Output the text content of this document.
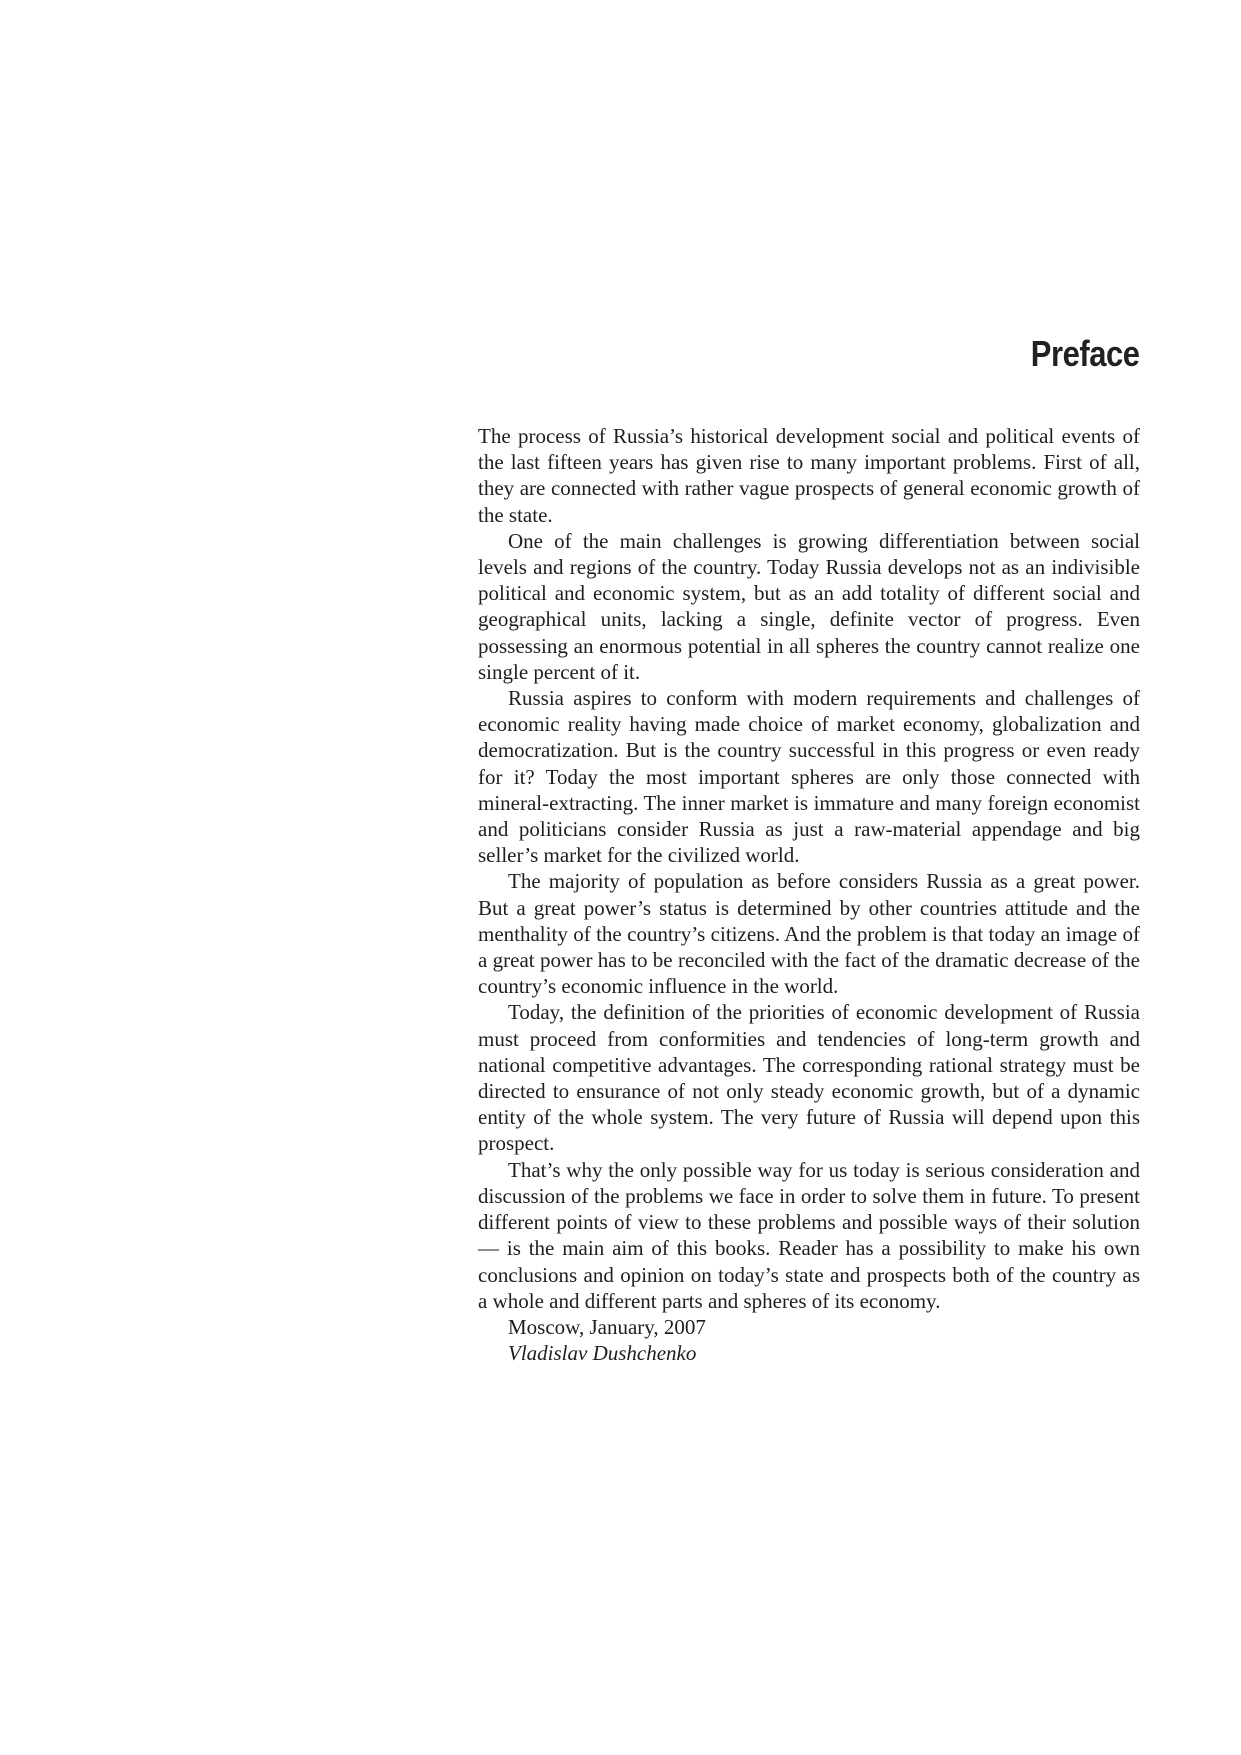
Preface

The process of Russia’s historical development social and political events of the last fifteen years has given rise to many important problems. First of all, they are connected with rather vague prospects of general economic growth of the state.

One of the main challenges is growing differentiation between social levels and regions of the country. Today Russia develops not as an indivisible political and economic system, but as an add totality of different social and geographical units, lacking a single, definite vector of progress. Even possessing an enormous potential in all spheres the country cannot realize one single percent of it.

Russia aspires to conform with modern requirements and challenges of economic reality having made choice of market economy, globalization and democratization. But is the country successful in this progress or even ready for it? Today the most important spheres are only those connected with mineral-extracting. The inner market is immature and many foreign economist and politicians consider Russia as just a raw-material appendage and big seller’s market for the civilized world.

The majority of population as before considers Russia as a great power. But a great power’s status is determined by other countries attitude and the menthality of the country’s citizens. And the problem is that today an image of a great power has to be reconciled with the fact of the dramatic decrease of the country’s economic influence in the world.

Today, the definition of the priorities of economic development of Russia must proceed from conformities and tendencies of long-term growth and national competitive advantages. The corresponding rational strategy must be directed to ensurance of not only steady economic growth, but of a dynamic entity of the whole system. The very future of Russia will depend upon this prospect.

That’s why the only possible way for us today is serious consideration and discussion of the problems we face in order to solve them in future. To present different points of view to these problems and possible ways of their solution — is the main aim of this books. Reader has a possibility to make his own conclusions and opinion on today’s state and prospects both of the country as a whole and different parts and spheres of its economy.

Moscow, January, 2007

Vladislav Dushchenko
